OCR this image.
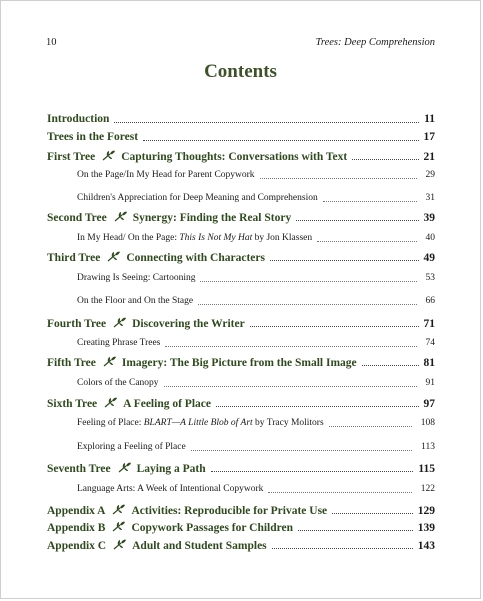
10	Trees: Deep Comprehension
Contents
Introduction	11
Trees in the Forest	17
First Tree Capturing Thoughts: Conversations with Text	21
On the Page/In My Head for Parent Copywork	29
Children's Appreciation for Deep Meaning and Comprehension	31
Second Tree Synergy: Finding the Real Story	39
In My Head/ On the Page: This Is Not My Hat by Jon Klassen	40
Third Tree Connecting with Characters	49
Drawing Is Seeing: Cartooning	53
On the Floor and On the Stage	66
Fourth Tree Discovering the Writer	71
Creating Phrase Trees	74
Fifth Tree Imagery: The Big Picture from the Small Image	81
Colors of the Canopy	91
Sixth Tree A Feeling of Place	97
Feeling of Place: BLART—A Little Blob of Art by Tracy Molitors	108
Exploring a Feeling of Place	113
Seventh Tree Laying a Path	115
Language Arts: A Week of Intentional Copywork	122
Appendix A Activities: Reproducible for Private Use	129
Appendix B Copywork Passages for Children	139
Appendix C Adult and Student Samples	143
